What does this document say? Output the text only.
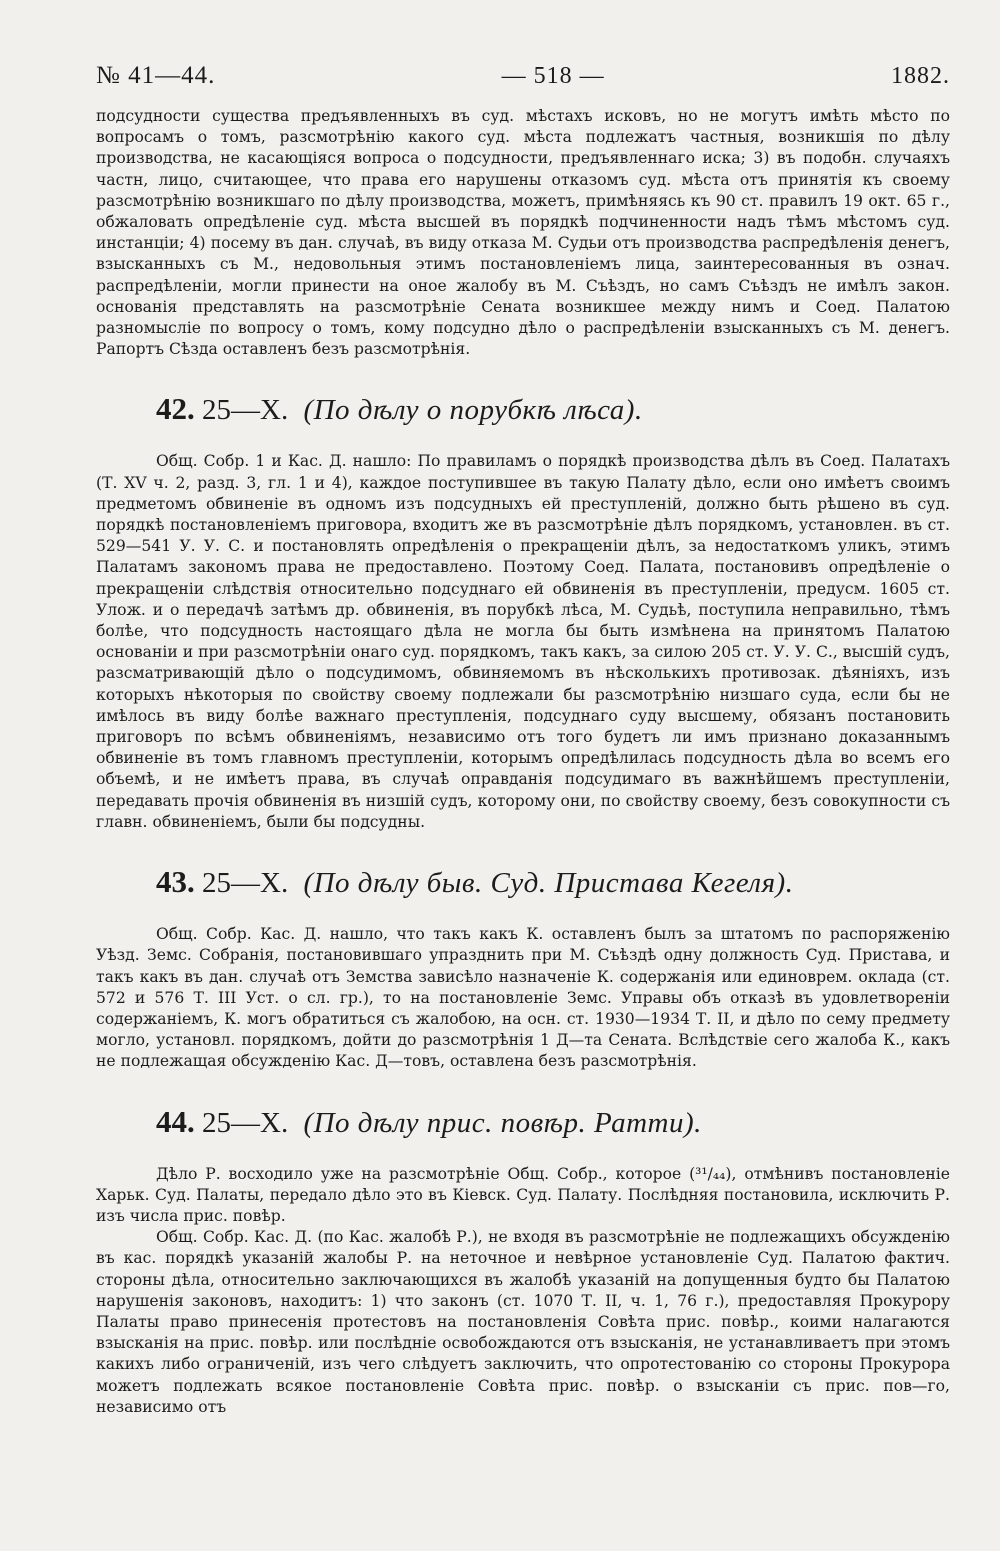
№ 41—44.	— 518 —	1882.

подсудности существа предъявленныхъ въ суд. мѣстахъ исковъ, но не могутъ имѣть мѣсто по вопросамъ о томъ, разсмотрѣнію какого суд. мѣста подлежатъ частныя, возникшія по дѣлу производства, не касающіяся вопроса о подсудности, предъявленнаго иска; 3) въ подобн. случаяхъ частн, лицо, считающее, что права его нарушены отказомъ суд. мѣста отъ принятія къ своему разсмотрѣнію возникшаго по дѣлу производства, можетъ, примѣняясь къ 90 ст. правилъ 19 окт. 65 г., обжаловать опредѣленіе суд. мѣста высшей въ порядкѣ подчиненности надъ тѣмъ мѣстомъ суд. инстанціи; 4) посему въ дан. случаѣ, въ виду отказа М. Судьи отъ производства распредѣленія денегъ, взысканныхъ съ М., недовольныя этимъ постановленіемъ лица, заинтересованныя въ означ. распредѣленіи, могли принести на оное жалобу въ М. Съѣздъ, но самъ Съѣздъ не имѣлъ закон. основанія представлять на разсмотрѣніе Сената возникшее между нимъ и Соед. Палатою разномысліе по вопросу о томъ, кому подсудно дѣло о распредѣленіи взысканныхъ съ М. денегъ. Рапортъ Сѣзда оставленъ безъ разсмотрѣнія.

42. 25—X. (По дѣлу о порубкѣ лѣса).

Общ. Собр. 1 и Кас. Д. нашло: По правиламъ о порядкѣ производства дѣлъ въ Соед. Палатахъ (Т. XV ч. 2, разд. 3, гл. 1 и 4), каждое поступившее въ такую Палату дѣло, если оно имѣетъ своимъ предметомъ обвиненіе въ одномъ изъ подсудныхъ ей преступленій, должно быть рѣшено въ суд. порядкѣ постановленіемъ приговора, входитъ же въ разсмотрѣніе дѣлъ порядкомъ, установлен. въ ст. 529—541 У. У. С. и постановлять опредѣленія о прекращеніи дѣлъ, за недостаткомъ уликъ, этимъ Палатамъ закономъ права не предоставлено. Поэтому Соед. Палата, постановивъ опредѣленіе о прекращеніи слѣдствія относительно подсуднаго ей обвиненія въ преступленіи, предусм. 1605 ст. Улож. и о передачѣ затѣмъ др. обвиненія, въ порубкѣ лѣса, М. Судьѣ, поступила неправильно, тѣмъ болѣе, что подсудность настоящаго дѣла не могла бы быть измѣнена на принятомъ Палатою основаніи и при разсмотрѣніи онаго суд. порядкомъ, такъ какъ, за силою 205 ст. У. У. С., высшій судъ, разсматривающій дѣло о подсудимомъ, обвиняемомъ въ нѣсколькихъ противозак. дѣяніяхъ, изъ которыхъ нѣкоторыя по свойству своему подлежали бы разсмотрѣнію низшаго суда, если бы не имѣлось въ виду болѣе важнаго преступленія, подсуднаго суду высшему, обязанъ постановить приговоръ по всѣмъ обвиненіямъ, независимо отъ того будетъ ли имъ признано доказаннымъ обвиненіе въ томъ главномъ преступленіи, которымъ опредѣлилась подсудность дѣла во всемъ его объемѣ, и не имѣетъ права, въ случаѣ оправданія подсудимаго въ важнѣйшемъ преступленіи, передавать прочія обвиненія въ низшій судъ, которому они, по свойству своему, безъ совокупности съ главн. обвиненіемъ, были бы подсудны.

43. 25—X. (По дѣлу быв. Суд. Пристава Кегеля).

Общ. Собр. Кас. Д. нашло, что такъ какъ К. оставленъ былъ за штатомъ по распоряженію Уѣзд. Земс. Собранія, постановившаго упразднить при М. Съѣздѣ одну должность Суд. Пристава, и такъ какъ въ дан. случаѣ отъ Земства зависѣло назначеніе К. содержанія или единоврем. оклада (ст. 572 и 576 Т. III Уст. о сл. гр.), то на постановленіе Земс. Управы объ отказѣ въ удовлетвореніи содержаніемъ, К. могъ обратиться съ жалобою, на осн. ст. 1930—1934 Т. II, и дѣло по сему предмету могло, установл. порядкомъ, дойти до разсмотрѣнія 1 Д—та Сената. Вслѣдствіе сего жалоба К., какъ не подлежащая обсужденію Кас. Д—товъ, оставлена безъ разсмотрѣнія.

44. 25—X. (По дѣлу прис. повѣр. Ратти).

Дѣло Р. восходило уже на разсмотрѣніе Общ. Собр., которое (³¹/₄₄), отмѣнивъ постановленіе Харьк. Суд. Палаты, передало дѣло это въ Кіевск. Суд. Палату. Послѣдняя постановила, исключить Р. изъ числа прис. повѣр.

Общ. Собр. Кас. Д. (по Кас. жалобѣ Р.), не входя въ разсмотрѣніе не подлежащихъ обсужденію въ кас. порядкѣ указаній жалобы Р. на неточное и невѣрное установленіе Суд. Палатою фактич. стороны дѣла, относительно заключающихся въ жалобѣ указаній на допущенныя будто бы Палатою нарушенія законовъ, находитъ: 1) что законъ (ст. 1070 Т. II, ч. 1, 76 г.), предоставляя Прокурору Палаты право принесенія протестовъ на постановленія Совѣта прис. повѣр., коими налагаются взысканія на прис. повѣр. или послѣдніе освобождаются отъ взысканія, не устанавливаетъ при этомъ какихъ либо ограниченій, изъ чего слѣдуетъ заключить, что опротестованію со стороны Прокурора можетъ подлежать всякое постановленіе Совѣта прис. повѣр. о взысканіи съ прис. пов—го, независимо отъ
